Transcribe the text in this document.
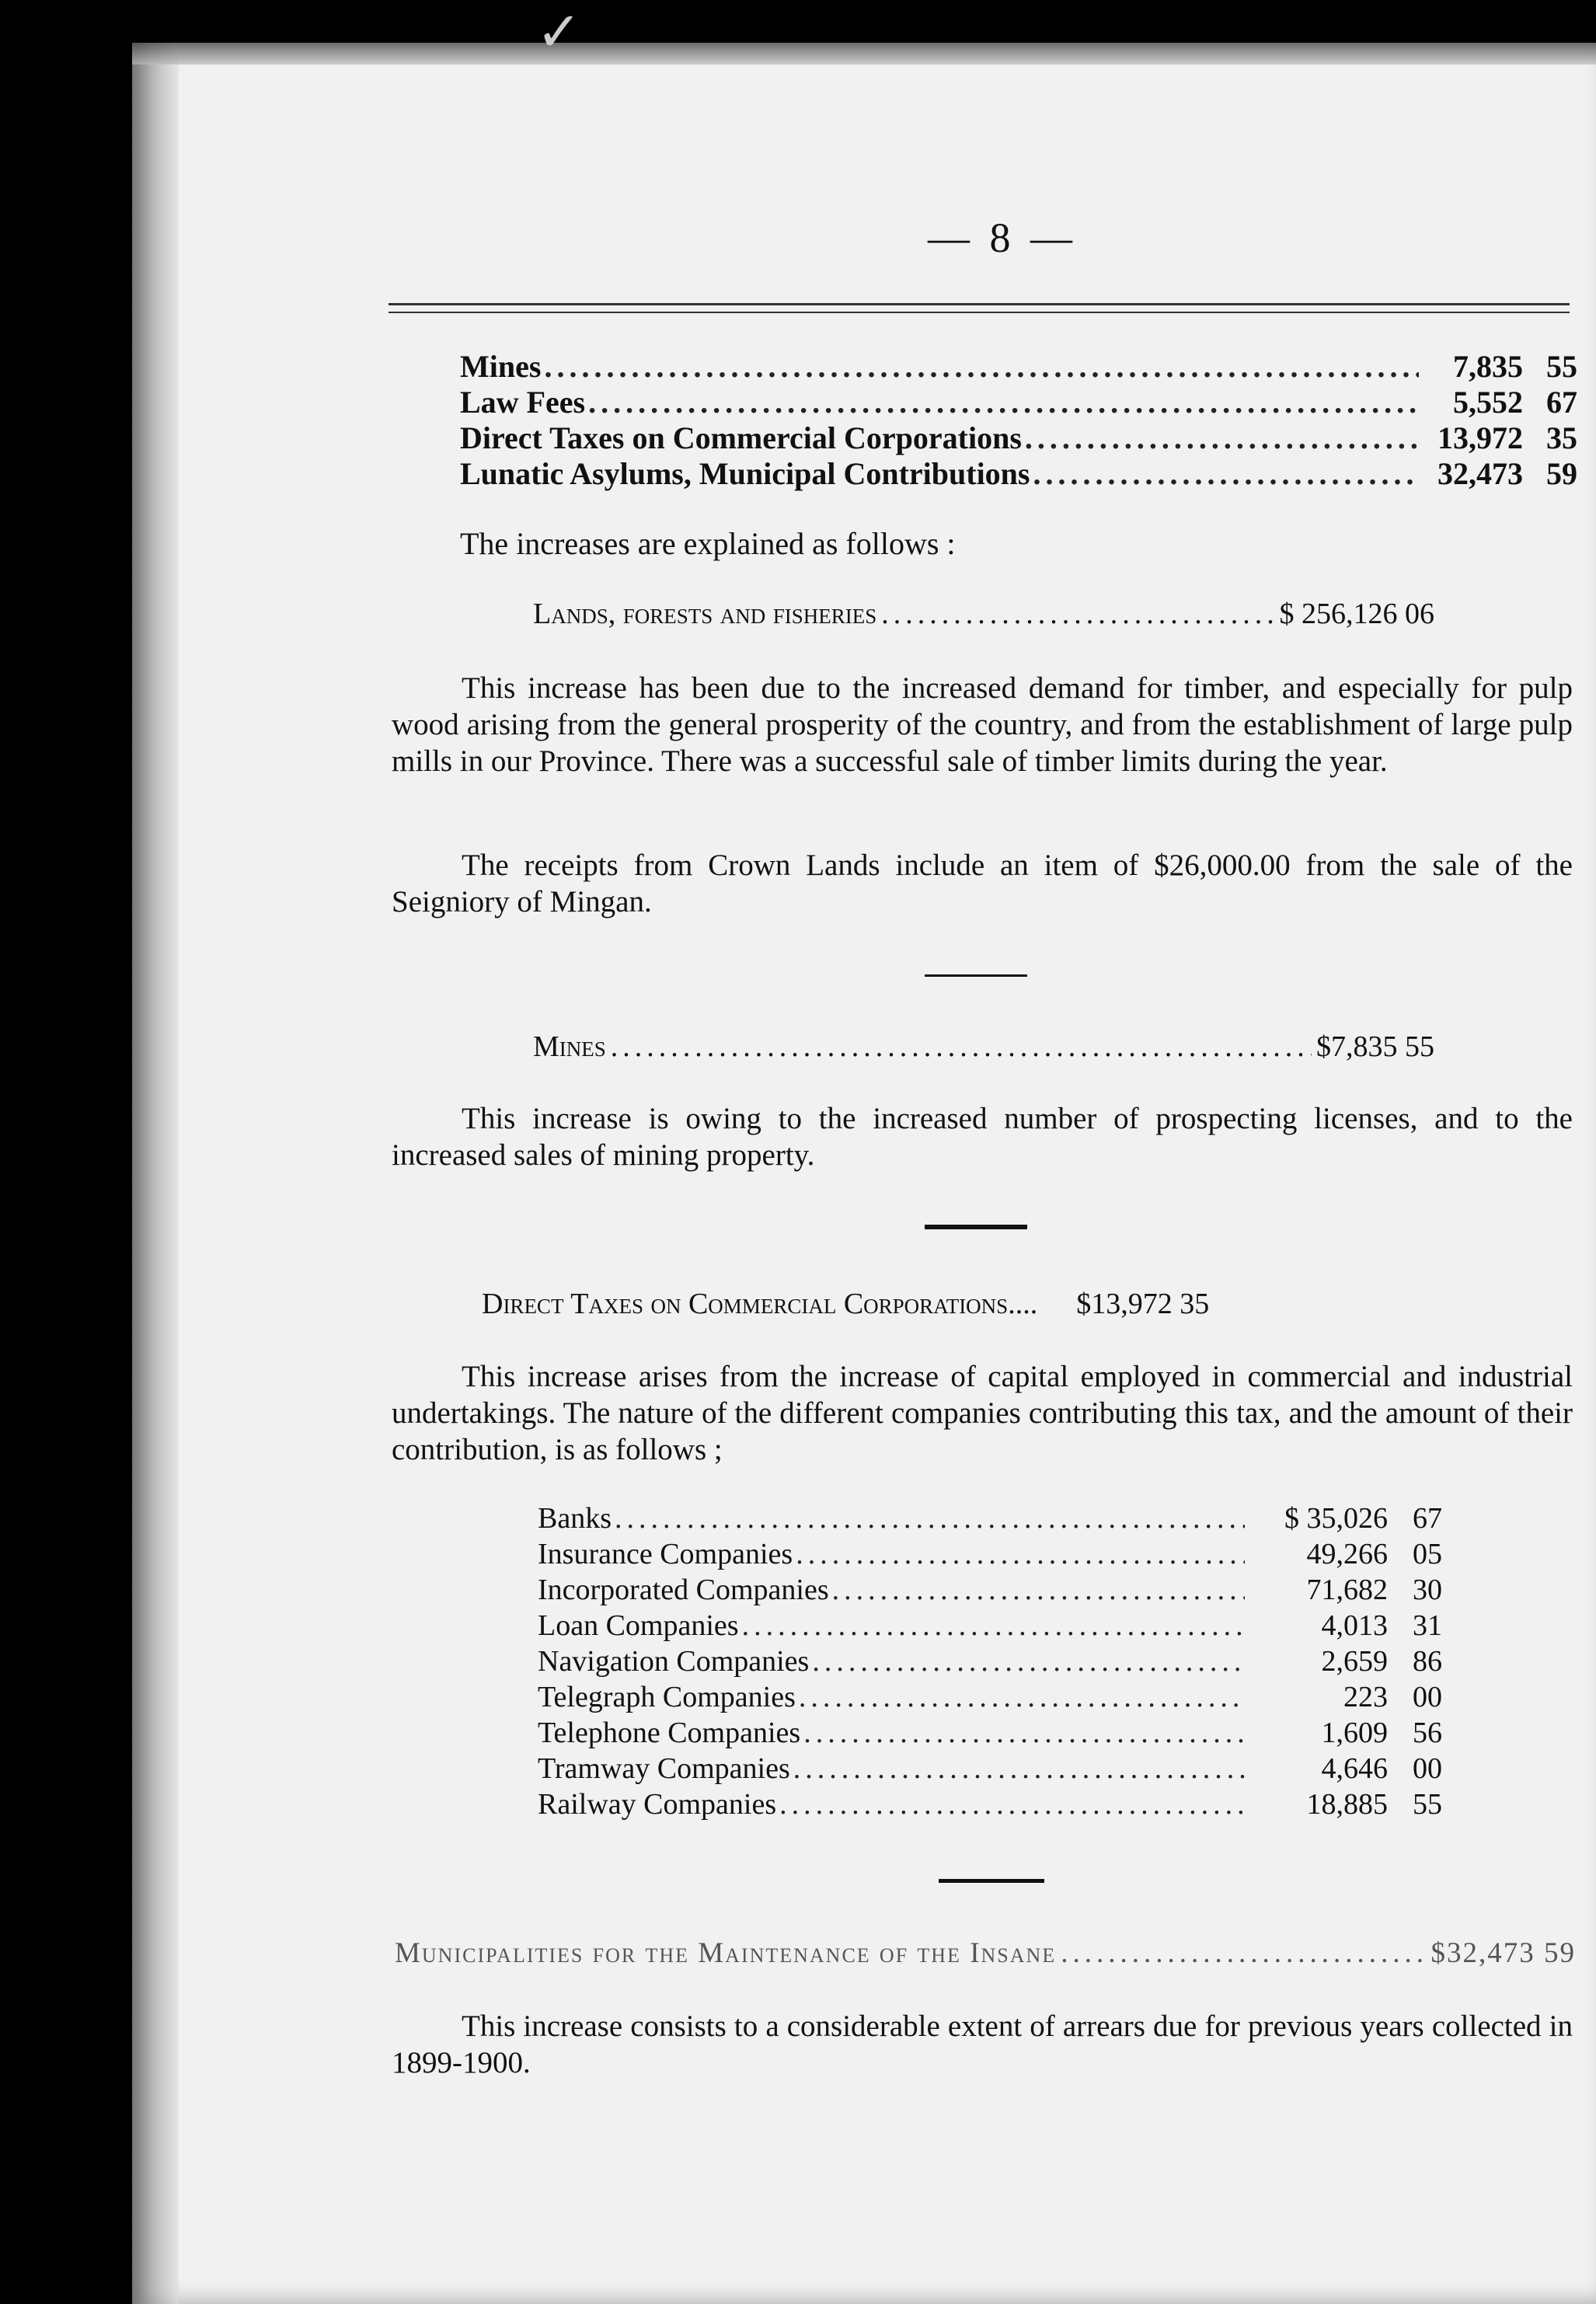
✓
— 8 —
Mines .....	7,835 55
Law Fees .....	5,552 67
Direct Taxes on Commercial Corporations .....	13,972 35
Lunatic Asylums, Municipal Contributions .....	32,473 59
The increases are explained as follows :
Lands, forests and fisheries .....	$ 256,126 06
This increase has been due to the increased demand for timber, and especially for pulp wood arising from the general prosperity of the country, and from the establishment of large pulp mills in our Province. There was a successful sale of timber limits during the year.
The receipts from Crown Lands include an item of $26,000.00 from the sale of the Seigniory of Mingan.
Mines .....	$7,835 55
This increase is owing to the increased number of prospecting licenses, and to the increased sales of mining property.
Direct Taxes on Commercial Corporations.... $13,972 35
This increase arises from the increase of capital employed in commercial and industrial undertakings. The nature of the different companies contributing this tax, and the amount of their contribution, is as follows ;
Banks .....	$ 35,026 67
Insurance Companies .....	49,266 05
Incorporated Companies .....	71,682 30
Loan Companies .....	4,013 31
Navigation Companies .....	2,659 86
Telegraph Companies .....	223 00
Telephone Companies .....	1,609 56
Tramway Companies .....	4,646 00
Railway Companies .....	18,885 55
Municipalities for the Maintenance of the Insane .....	$32,473 59
This increase consists to a considerable extent of arrears due for previous years collected in 1899-1900.
